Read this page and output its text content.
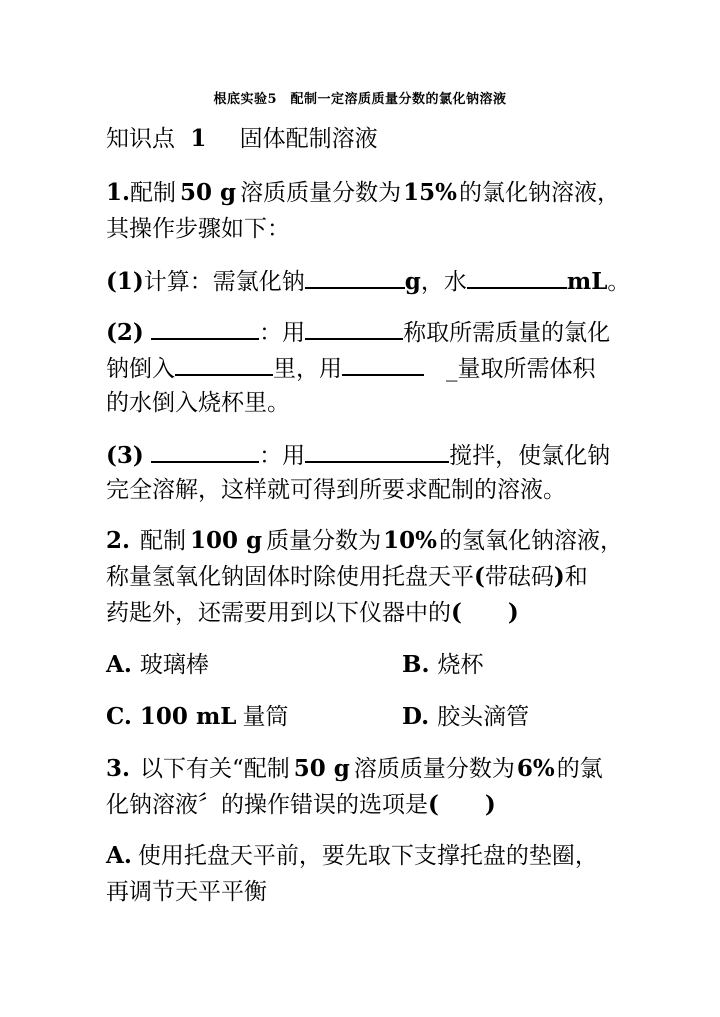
根底实验5　配制一定溶质质量分数的氯化钠溶液
知识点 1 固体配制溶液
1.配制 50 g 溶质质量分数为15%的氯化钠溶液，
其操作步骤如下：
(1)计算：需氯化钠	g，水	mL。
(2)	：用	称取所需质量的氯化
钠倒入	里，用	_量取所需体积
的水倒入烧杯里。
(3)	：用	搅拌，使氯化钠
完全溶解，这样就可得到所要求配制的溶液。
2. 配制 100 g 质量分数为10%的氢氧化钠溶液，
称量氢氧化钠固体时除使用托盘天平(带砝码)和
药匙外，还需要用到以下仪器中的(　　)
A. 玻璃棒	B. 烧杯
C. 100 mL 量筒	D. 胶头滴管
3. 以下有关“配制 50 g 溶质质量分数为6%的氯
化钠溶液〞的操作错误的选项是(　　)
A. 使用托盘天平前，要先取下支撑托盘的垫圈，
再调节天平平衡
